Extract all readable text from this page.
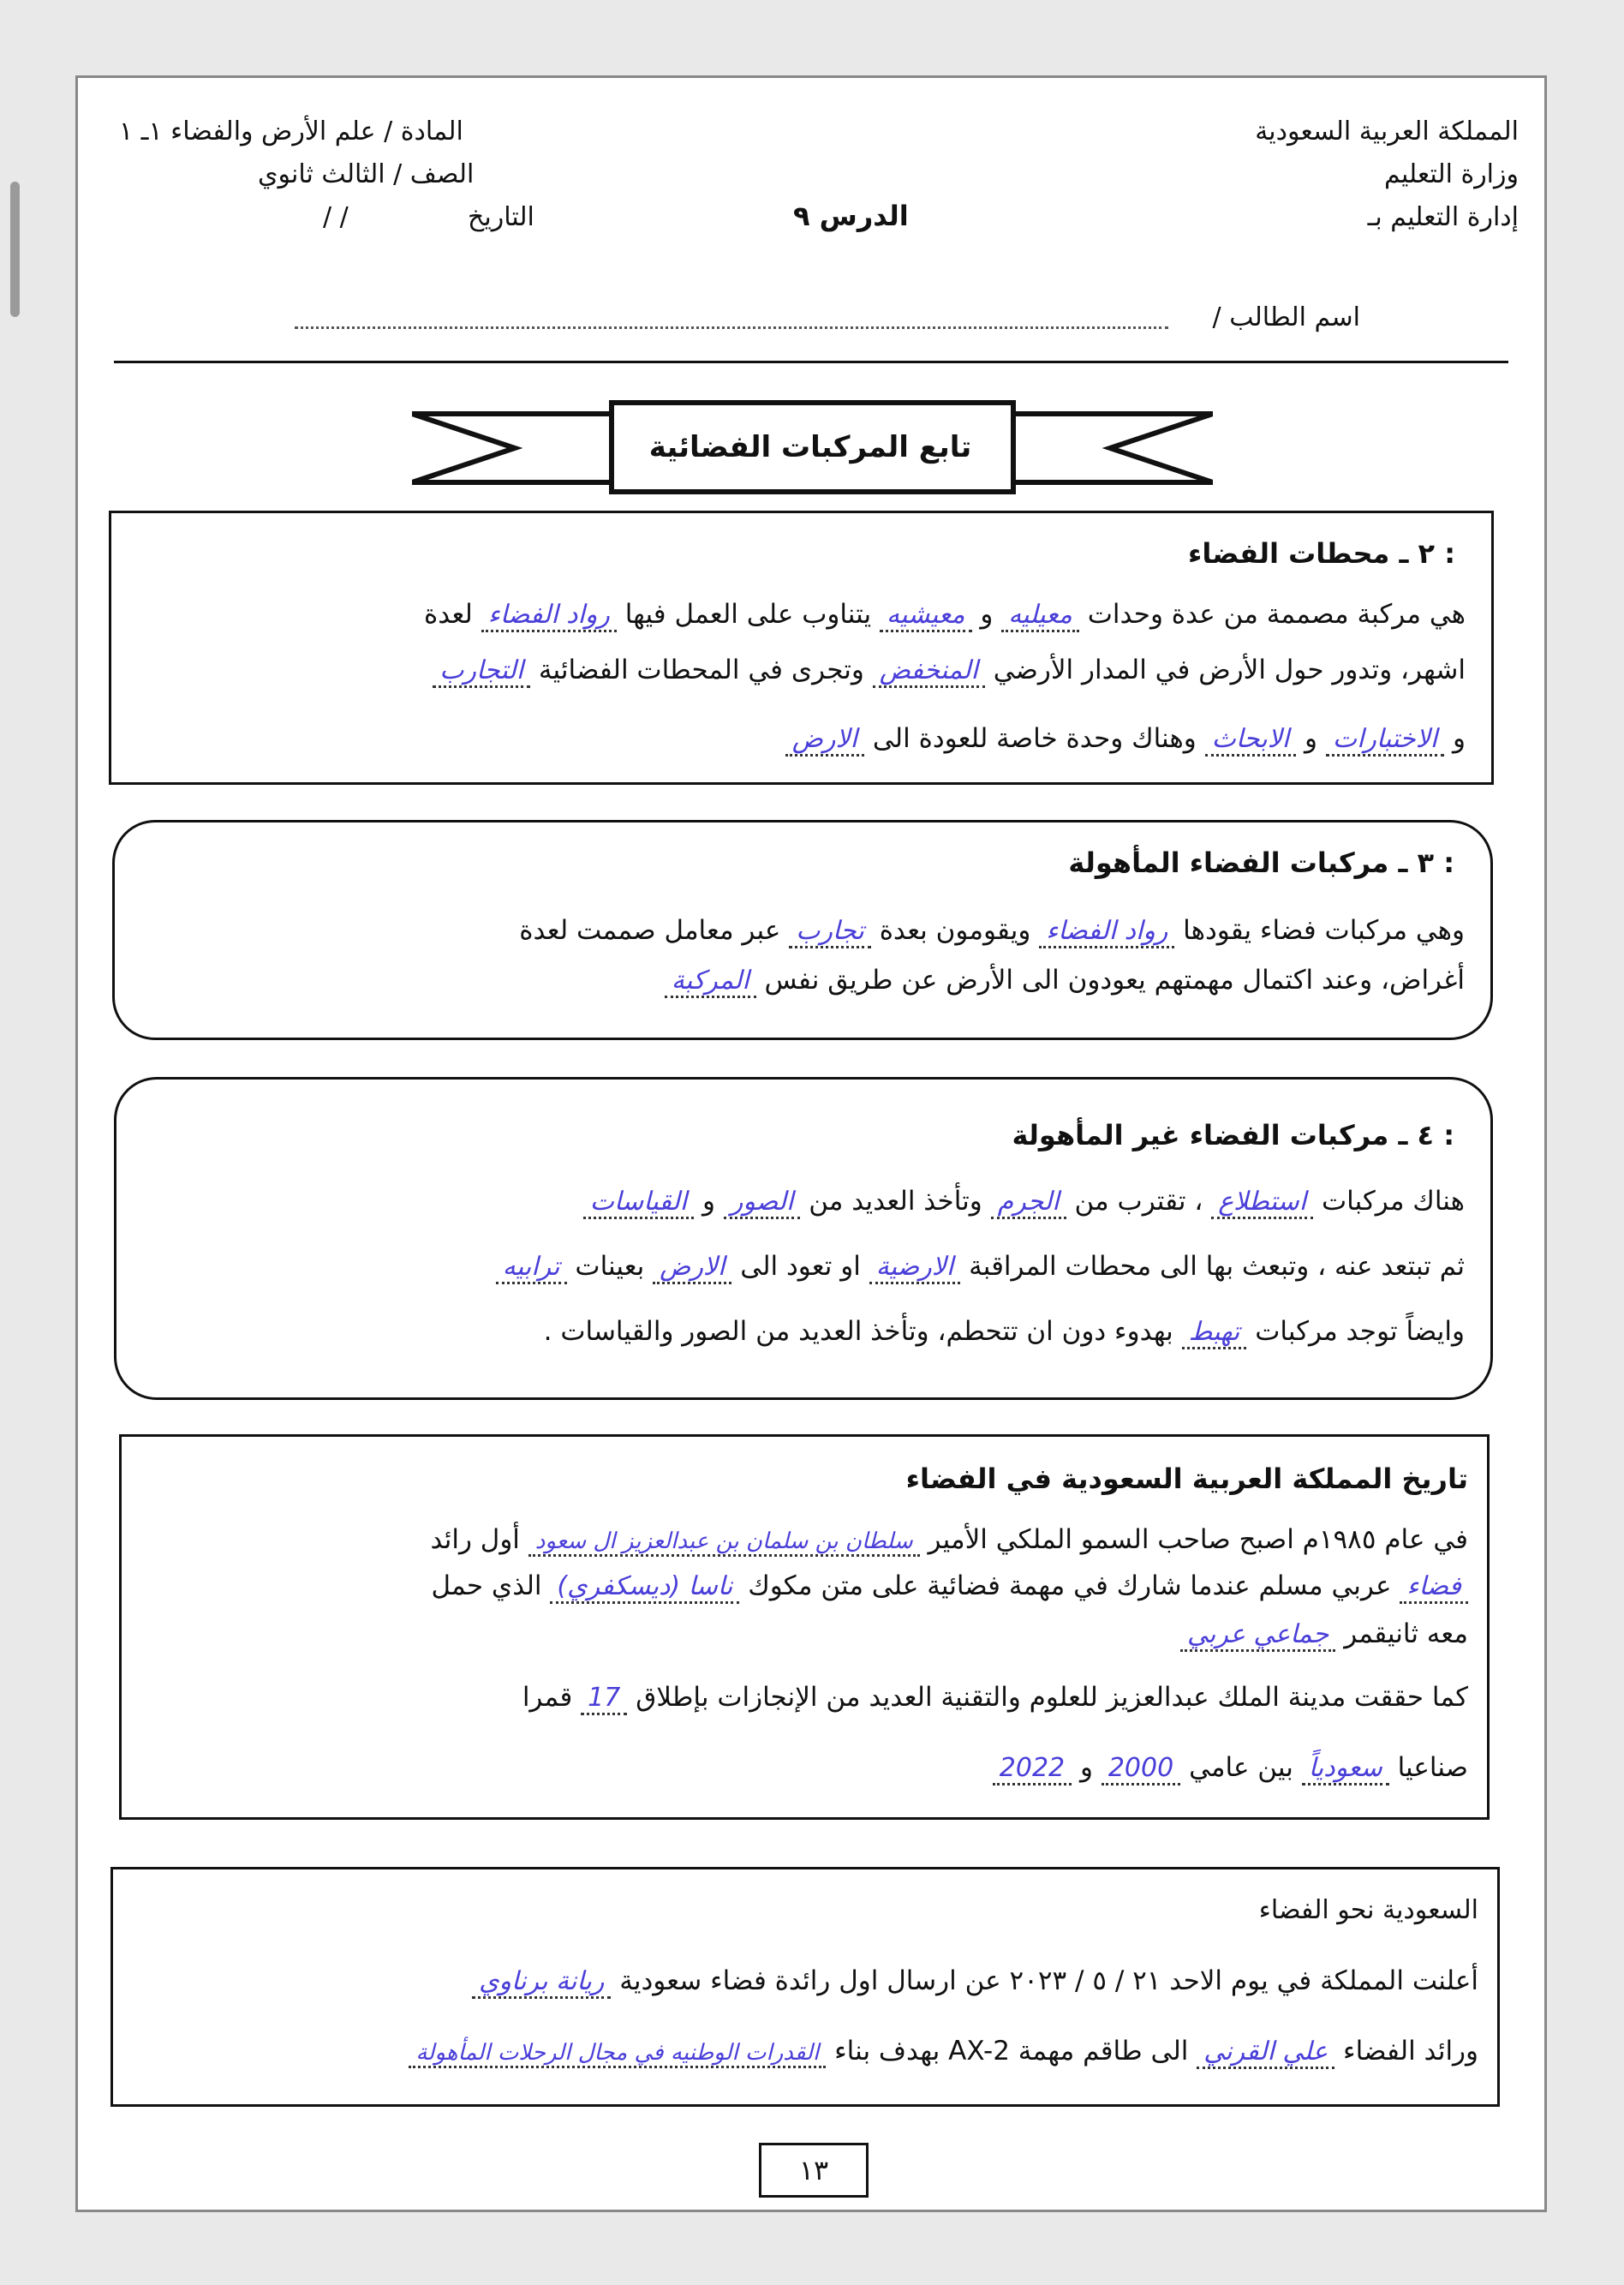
المملكة العربية السعودية
وزارة التعليم
إدارة التعليم بـ
الدرس ٩
المادة / علم الأرض والفضاء ١ـ ١
الصف / الثالث ثانوي
/ /	التاريخ
اسم الطالب /
تابع المركبات الفضائية
٢ ـ محطات الفضاء :
هي مركبة مصممة من عدة وحدات معيليه و معيشيه يتناوب على العمل فيها رواد الفضاء لعدة
اشهر، وتدور حول الأرض في المدار الأرضي المنخفض وتجرى في المحطات الفضائية التجارب
و الاختبارات و الابحاث وهناك وحدة خاصة للعودة الى الارض
٣ ـ مركبات الفضاء المأهولة :
وهي مركبات فضاء يقودها رواد الفضاء ويقومون بعدة تجارب عبر معامل صممت لعدة
أغراض، وعند اكتمال مهمتهم يعودون الى الأرض عن طريق نفس المركبة
٤ ـ مركبات الفضاء غير المأهولة :
هناك مركبات استطلاع ، تقترب من الجرم وتأخذ العديد من الصور و القياسات
ثم تبتعد عنه ، وتبعث بها الى محطات المراقبة الارضية او تعود الى الارض بعينات ترابيه
وايضاً توجد مركبات تهبط بهدوء دون ان تتحطم، وتأخذ العديد من الصور والقياسات .
تاريخ المملكة العربية السعودية في الفضاء
في عام ١٩٨٥م اصبح صاحب السمو الملكي الأمير سلطان بن سلمان بن عبدالعزيز ال سعود أول رائد
فضاء عربي مسلم عندما شارك في مهمة فضائية على متن مكوك ناسا (ديسكفري) الذي حمل
معه ثانيقمر جماعي عربي
كما حققت مدينة الملك عبدالعزيز للعلوم والتقنية العديد من الإنجازات بإطلاق 17 قمرا
صناعيا سعودياً بين عامي 2000 و 2022
السعودية نحو الفضاء
أعلنت المملكة في يوم الاحد ٢١ / ٥ / ٢٠٢٣ عن ارسال اول رائدة فضاء سعودية ريانة برناوي
ورائد الفضاء علي القرني الى طاقم مهمة AX-2 بهدف بناء القدرات الوطنيه في مجال الرحلات المأهولة
١٣
